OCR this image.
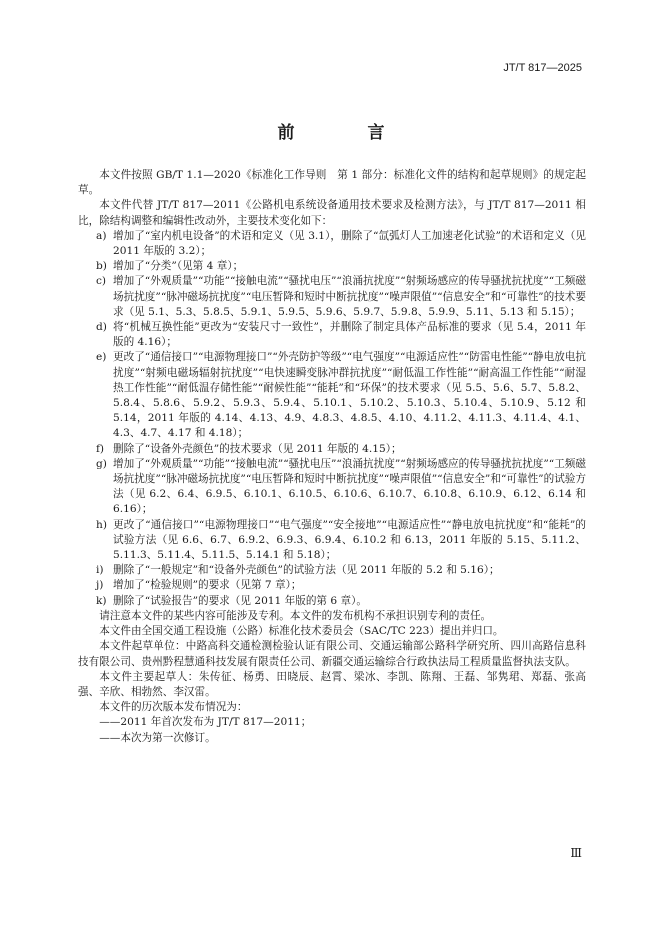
JT/T 817—2025
前　言

本文件按照 GB/T 1.1—2020《标准化工作导则　第 1 部分：标准化文件的结构和起草规则》的规定起草。

本文件代替 JT/T 817—2011《公路机电系统设备通用技术要求及检测方法》，与 JT/T 817—2011 相比，除结构调整和编辑性改动外，主要技术变化如下：

a) 增加了“室内机电设备”的术语和定义（见 3.1），删除了“氙弧灯人工加速老化试验”的术语和定义（见 2011 年版的 3.2）；
b) 增加了“分类”（见第 4 章）；
c) 增加了“外观质量”“功能”“接触电流”“骚扰电压”“浪涌抗扰度”“射频场感应的传导骚扰抗扰度”“工频磁场抗扰度”“脉冲磁场抗扰度”“电压暂降和短时中断抗扰度”“噪声限值”“信息安全”和“可靠性”的技术要求（见 5.1、5.3、5.8.5、5.9.1、5.9.5、5.9.6、5.9.7、5.9.8、5.9.9、5.11、5.13 和 5.15）；
d) 将“机械互换性能”更改为“安装尺寸一致性”，并删除了制定具体产品标准的要求（见 5.4，2011 年版的 4.16）；
e) 更改了“通信接口”“电源物理接口”“外壳防护等级”“电气强度”“电源适应性”“防雷电性能”“静电放电抗扰度”“射频电磁场辐射抗扰度”“电快速瞬变脉冲群抗扰度”“耐低温工作性能”“耐高温工作性能”“耐湿热工作性能”“耐低温存储性能”“耐候性能”“能耗”和“环保”的技术要求（见 5.5、5.6、5.7、5.8.2、5.8.4、5.8.6、5.9.2、5.9.3、5.9.4、5.10.1、5.10.2、5.10.3、5.10.4、5.10.9、5.12 和 5.14，2011 年版的 4.14、4.13、4.9、4.8.3、4.8.5、4.10、4.11.2、4.11.3、4.11.4、4.1、4.3、4.7、4.17 和 4.18）；
f) 删除了“设备外壳颜色”的技术要求（见 2011 年版的 4.15）；
g) 增加了“外观质量”“功能”“接触电流”“骚扰电压”“浪涌抗扰度”“射频场感应的传导骚扰抗扰度”“工频磁场抗扰度”“脉冲磁场抗扰度”“电压暂降和短时中断抗扰度”“噪声限值”“信息安全”和“可靠性”的试验方法（见 6.2、6.4、6.9.5、6.10.1、6.10.5、6.10.6、6.10.7、6.10.8、6.10.9、6.12、6.14 和 6.16）；
h) 更改了“通信接口”“电源物理接口”“电气强度”“安全接地”“电源适应性”“静电放电抗扰度”和“能耗”的试验方法（见 6.6、6.7、6.9.2、6.9.3、6.9.4、6.10.2 和 6.13，2011 年版的 5.15、5.11.2、5.11.3、5.11.4、5.11.5、5.14.1 和 5.18）；
i) 删除了“一般规定”和“设备外壳颜色”的试验方法（见 2011 年版的 5.2 和 5.16）；
j) 增加了“检验规则”的要求（见第 7 章）；
k) 删除了“试验报告”的要求（见 2011 年版的第 6 章）。

请注意本文件的某些内容可能涉及专利。本文件的发布机构不承担识别专利的责任。

本文件由全国交通工程设施（公路）标准化技术委员会（SAC/TC 223）提出并归口。

本文件起草单位：中路高科交通检测检验认证有限公司、交通运输部公路科学研究所、四川高路信息科技有限公司、贵州黔程慧通科技发展有限责任公司、新疆交通运输综合行政执法局工程质量监督执法支队。

本文件主要起草人：朱传征、杨勇、田晓辰、赵霄、梁冰、李凯、陈翔、王磊、邹隽珺、郑磊、张高强、辛欣、相勃然、李汉雷。

本文件的历次版本发布情况为：

——2011 年首次发布为 JT/T 817—2011；

——本次为第一次修订。

Ⅲ
